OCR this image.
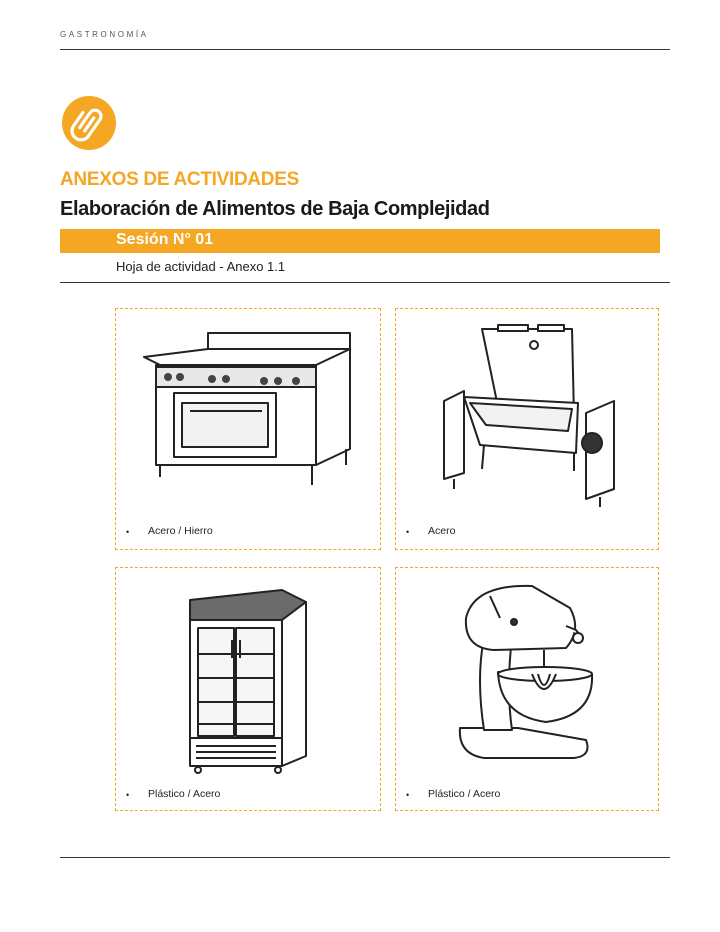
GASTRONOMÍA
ANEXOS DE ACTIVIDADES
Elaboración de Alimentos de Baja Complejidad
Sesión N° 01
Hoja de actividad - Anexo 1.1
• Acero / Hierro	• Acero
• Plástico / Acero	• Plástico / Acero
